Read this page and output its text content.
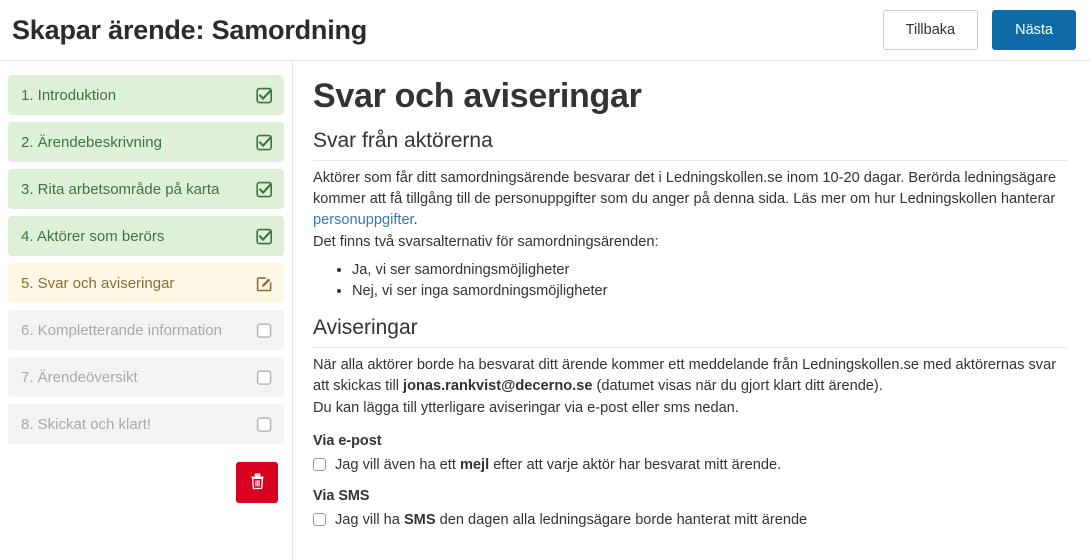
Skapar ärende: Samordning	Tillbaka	Nästa
1. Introduktion
2. Ärendebeskrivning
3. Rita arbetsområde på karta
4. Aktörer som berörs
5. Svar och aviseringar
6. Kompletterande information
7. Ärendeöversikt
8. Skickat och klart!
Svar och aviseringar
Svar från aktörerna

Aktörer som får ditt samordningsärende besvarar det i Ledningskollen.se inom 10-20 dagar. Berörda ledningsägare kommer att få tillgång till de personuppgifter som du anger på denna sida. Läs mer om hur Ledningskollen hanterar personuppgifter.

Det finns två svarsalternativ för samordningsärenden:

• Ja, vi ser samordningsmöjligheter
• Nej, vi ser inga samordningsmöjligheter
Aviseringar

När alla aktörer borde ha besvarat ditt ärende kommer ett meddelande från Ledningskollen.se med aktörernas svar att skickas till jonas.rankvist@decerno.se (datumet visas när du gjort klart ditt ärende).

Du kan lägga till ytterligare aviseringar via e-post eller sms nedan.

Via e-post
Jag vill även ha ett mejl efter att varje aktör har besvarat mitt ärende.
Via SMS
Jag vill ha SMS den dagen alla ledningsägare borde hanterat mitt ärende
